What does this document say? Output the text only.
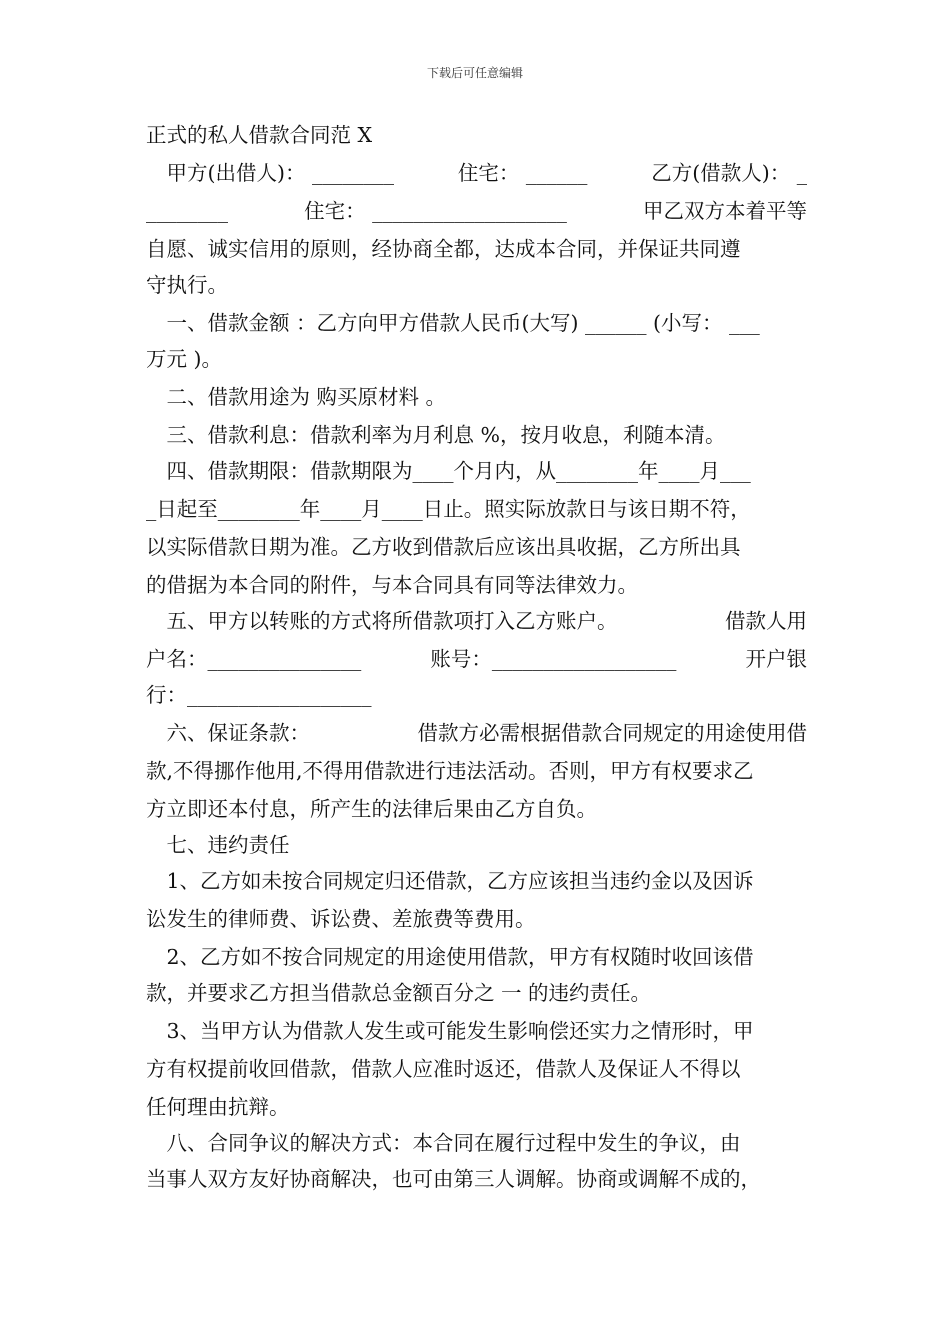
下载后可任意编辑
正式的私人借款合同范 X
　甲方(出借人)： ________	住宅： ______	乙方(借款人)： _
________	住宅： ___________________	甲乙双方本着平等
自愿、诚实信用的原则，经协商全都，达成本合同，并保证共同遵
守执行。
　一、借款金额 ：乙方向甲方借款人民币(大写) ______ (小写： ___
万元 )。
　二、借款用途为 购买原材料 。
　三、借款利息：借款利率为月利息 %，按月收息，利随本清。
　四、借款期限：借款期限为____个月内，从________年____月___
_日起至________年____月____日止。照实际放款日与该日期不符，
以实际借款日期为准。乙方收到借款后应该出具收据，乙方所出具
的借据为本合同的附件，与本合同具有同等法律效力。
　五、甲方以转账的方式将所借款项打入乙方账户。	借款人用
户名：_______________	账号：__________________	开户银
行：__________________
　六、保证条款：	借款方必需根据借款合同规定的用途使用借
款,不得挪作他用,不得用借款进行违法活动。否则，甲方有权要求乙
方立即还本付息，所产生的法律后果由乙方自负。
　七、违约责任
　1、乙方如未按合同规定归还借款，乙方应该担当违约金以及因诉
讼发生的律师费、诉讼费、差旅费等费用。
　2、乙方如不按合同规定的用途使用借款，甲方有权随时收回该借
款，并要求乙方担当借款总金额百分之 一 的违约责任。
　3、当甲方认为借款人发生或可能发生影响偿还实力之情形时，甲
方有权提前收回借款，借款人应准时返还，借款人及保证人不得以
任何理由抗辩。
　八、合同争议的解决方式：本合同在履行过程中发生的争议，由
当事人双方友好协商解决，也可由第三人调解。协商或调解不成的，
